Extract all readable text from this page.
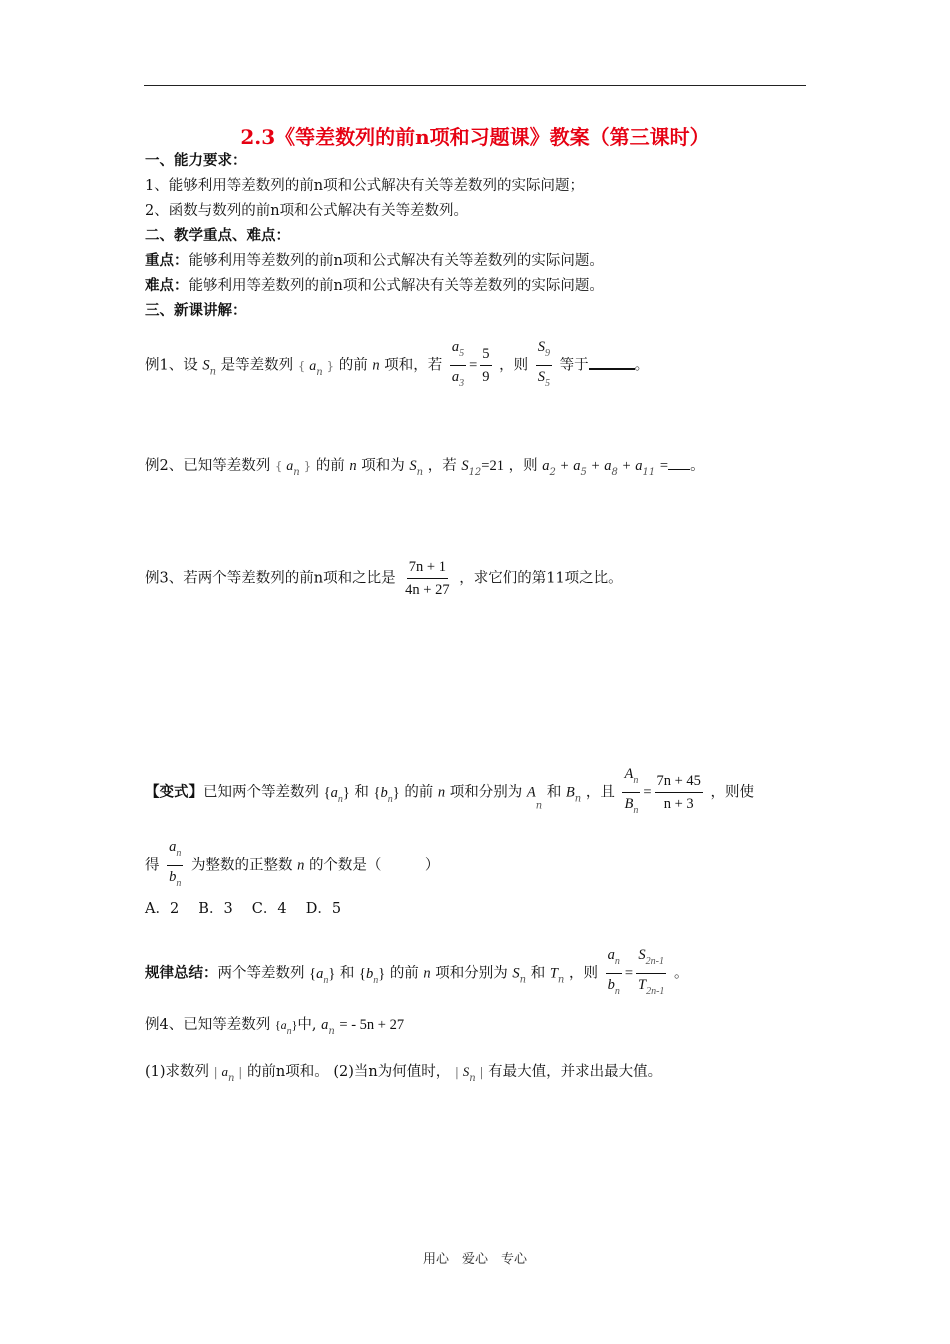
2.3《等差数列的前n项和习题课》教案（第三课时）
一、能力要求：
1、能够利用等差数列的前n项和公式解决有关等差数列的实际问题；
2、函数与数列的前n项和公式解决有关等差数列。
二、教学重点、难点：
重点：能够利用等差数列的前n项和公式解决有关等差数列的实际问题。
难点：能够利用等差数列的前n项和公式解决有关等差数列的实际问题。
三、新课讲解：
例1、设 $S_n$ 是等差数列 { $a_n$ } 的前 n 项和，若 $\frac{a_5}{a_3} = \frac{5}{9}$ ，则 $\frac{S_9}{S_5}$ 等于	。
例2、已知等差数列 { $a_n$ } 的前 n 项和为 $S_n$ ，若 $S_{12}=21$ ，则 $a_2 + a_5 + a_8 + a_{11}$ = 。
例3、若两个等差数列的前n项和之比是 $\frac{7n + 1}{4n + 27}$ ，求它们的第11项之比。
【变式】已知两个等差数列 $\{a_n\}$ 和 $\{b_n\}$ 的前 n 项和分别为 $A_n$ 和 $B_n$ ，且 $\frac{A_n}{B_n} = \frac{7n + 45}{n + 3}$ ，则使
得 $\frac{a_n}{b_n}$ 为整数的正整数 n 的个数是（　　　）
A．2　 B．3　 C．4　 D．5
规律总结：两个等差数列 $\{a_n\}$ 和 $\{b_n\}$ 的前 n 项和分别为 $S_n$ 和 $T_n$ ，则 $\frac{a_n}{b_n} = \frac{S_{2n-1}}{T_{2n-1}}$ 。
例4、已知等差数列 $\{a_n\}$中, $a_n$ = - 5n + 27
(1)求数列 | $a_n$ | 的前n项和。 (2)当n为何值时， | $S_n$ | 有最大值，并求出最大值。
用心　爱心　专心
